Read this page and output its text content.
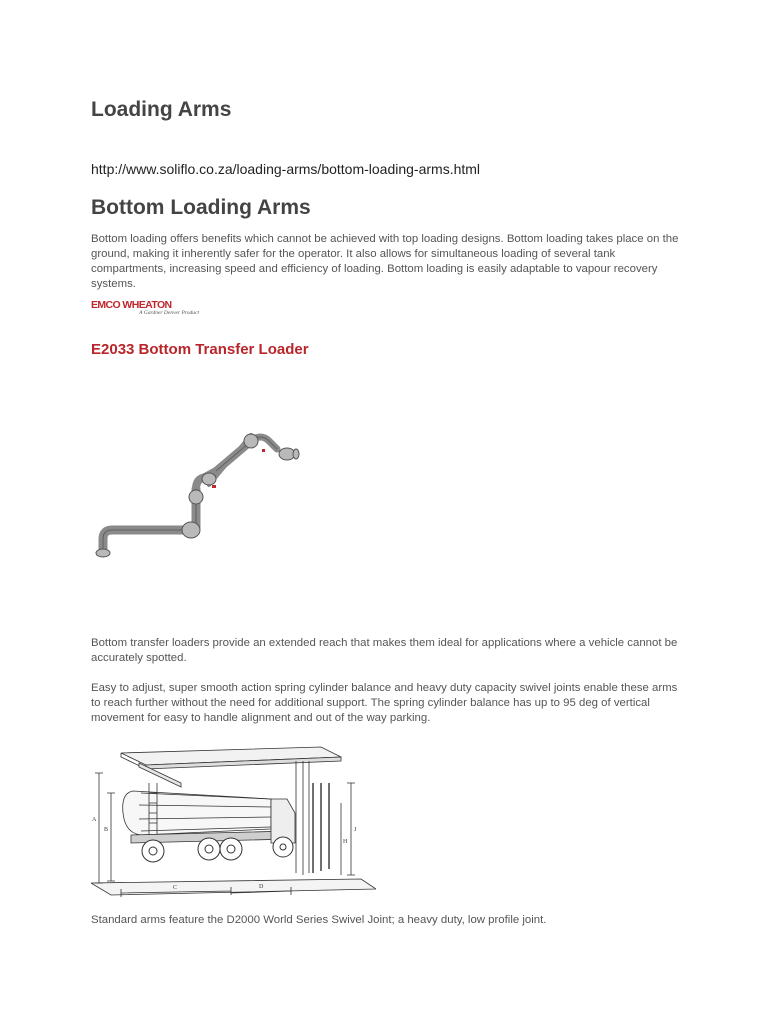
Loading Arms
http://www.soliflo.co.za/loading-arms/bottom-loading-arms.html
Bottom Loading Arms

Bottom loading offers benefits which cannot be achieved with top loading designs. Bottom loading takes place on the ground, making it inherently safer for the operator. It also allows for simultaneous loading of several tank compartments, increasing speed and efficiency of loading. Bottom loading is easily adaptable to vapour recovery systems.

EMCO WHEATON
A Gardner Denver Product
E2033 Bottom Transfer Loader

Bottom transfer loaders provide an extended reach that makes them ideal for applications where a vehicle cannot be accurately spotted.

Easy to adjust, super smooth action spring cylinder balance and heavy duty capacity swivel joints enable these arms to reach further without the need for additional support. The spring cylinder balance has up to 95 deg of vertical movement for easy to handle alignment and out of the way parking.

A
B
C	D
H
J

Standard arms feature the D2000 World Series Swivel Joint; a heavy duty, low profile joint.
